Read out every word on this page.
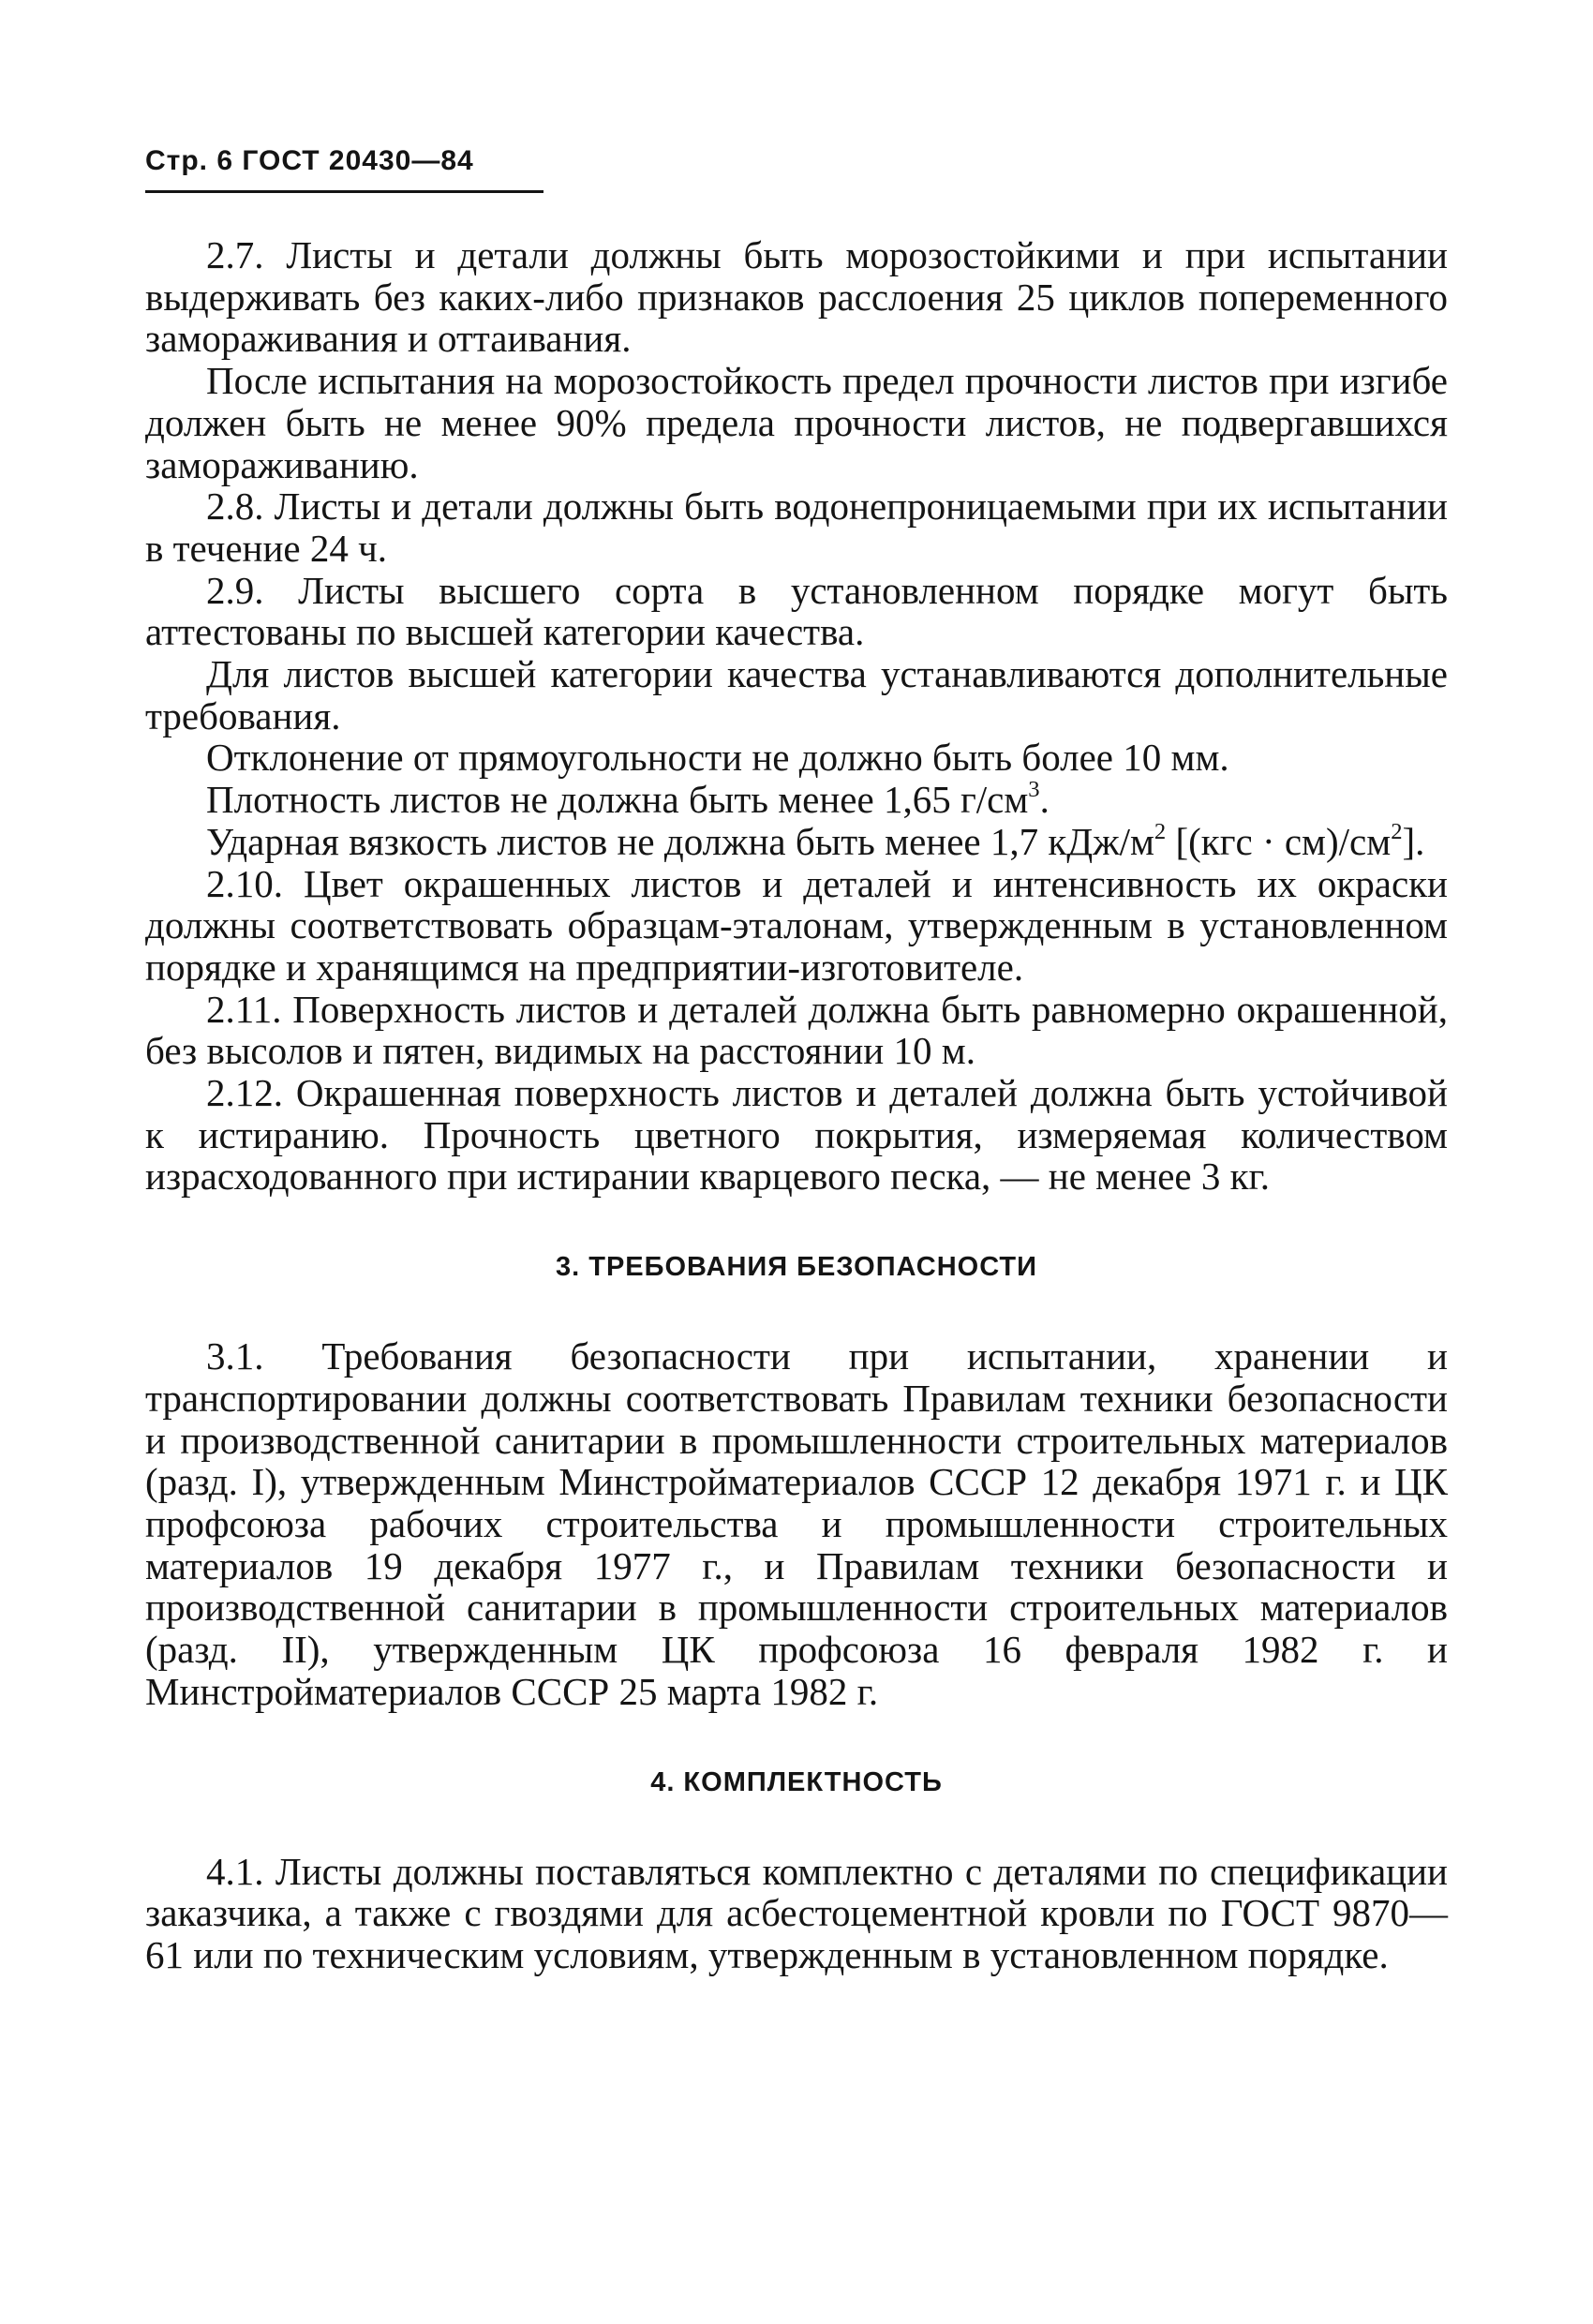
Стр. 6 ГОСТ 20430—84

2.7. Листы и детали должны быть морозостойкими и при испытании выдерживать без каких-либо признаков расслоения 25 циклов попеременного замораживания и оттаивания.

После испытания на морозостойкость предел прочности листов при изгибе должен быть не менее 90% предела прочности листов, не подвергавшихся замораживанию.

2.8. Листы и детали должны быть водонепроницаемыми при их испытании в течение 24 ч.

2.9. Листы высшего сорта в установленном порядке могут быть аттестованы по высшей категории качества.

Для листов высшей категории качества устанавливаются дополнительные требования.

Отклонение от прямоугольности не должно быть более 10 мм.

Плотность листов не должна быть менее 1,65 $г/см^3$.

Ударная вязкость листов не должна быть менее 1,7 кДж/$м^2$ $[(кгс \cdot см)/см^2]$.

2.10. Цвет окрашенных листов и деталей и интенсивность их окраски должны соответствовать образцам-эталонам, утвержденным в установленном порядке и хранящимся на предприятии-изготовителе.

2.11. Поверхность листов и деталей должна быть равномерно окрашенной, без высолов и пятен, видимых на расстоянии 10 м.

2.12. Окрашенная поверхность листов и деталей должна быть устойчивой к истиранию. Прочность цветного покрытия, измеряемая количеством израсходованного при истирании кварцевого песка, — не менее 3 кг.

3. ТРЕБОВАНИЯ БЕЗОПАСНОСТИ

3.1. Требования безопасности при испытании, хранении и транспортировании должны соответствовать Правилам техники безопасности и производственной санитарии в промышленности строительных материалов (разд. I), утвержденным Минстройматериалов СССР 12 декабря 1971 г. и ЦК профсоюза рабочих строительства и промышленности строительных материалов 19 декабря 1977 г., и Правилам техники безопасности и производственной санитарии в промышленности строительных материалов (разд. II), утвержденным ЦК профсоюза 16 февраля 1982 г. и Минстройматериалов СССР 25 марта 1982 г.

4. КОМПЛЕКТНОСТЬ

4.1. Листы должны поставляться комплектно с деталями по спецификации заказчика, а также с гвоздями для асбестоцементной кровли по ГОСТ 9870—61 или по техническим условиям, утвержденным в установленном порядке.
